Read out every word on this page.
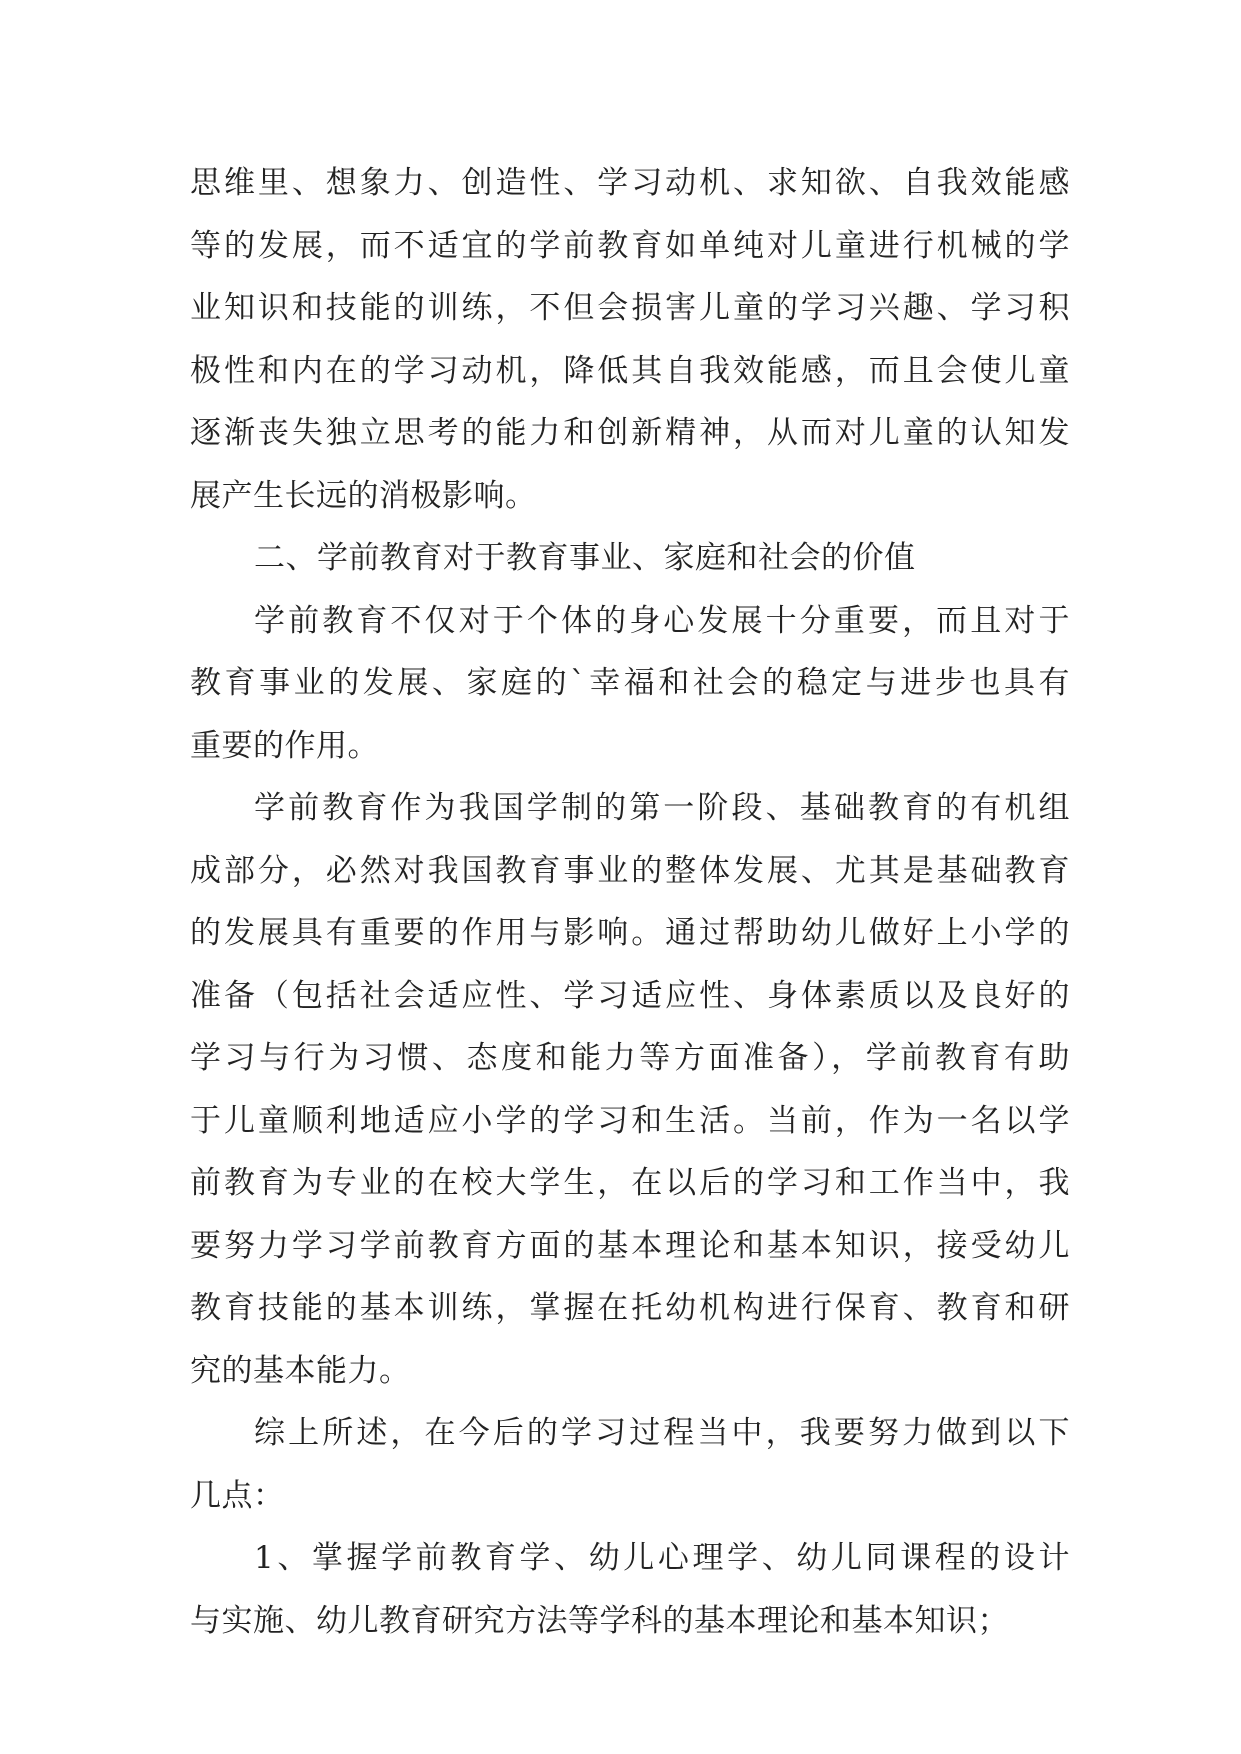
思维里、想象力、创造性、学习动机、求知欲、自我效能感
等的发展，而不适宜的学前教育如单纯对儿童进行机械的学
业知识和技能的训练，不但会损害儿童的学习兴趣、学习积
极性和内在的学习动机，降低其自我效能感，而且会使儿童
逐渐丧失独立思考的能力和创新精神，从而对儿童的认知发
展产生长远的消极影响。
二、学前教育对于教育事业、家庭和社会的价值
学前教育不仅对于个体的身心发展十分重要，而且对于
教育事业的发展、家庭的`幸福和社会的稳定与进步也具有
重要的作用。
学前教育作为我国学制的第一阶段、基础教育的有机组
成部分，必然对我国教育事业的整体发展、尤其是基础教育
的发展具有重要的作用与影响。通过帮助幼儿做好上小学的
准备（包括社会适应性、学习适应性、身体素质以及良好的
学习与行为习惯、态度和能力等方面准备），学前教育有助
于儿童顺利地适应小学的学习和生活。当前，作为一名以学
前教育为专业的在校大学生，在以后的学习和工作当中，我
要努力学习学前教育方面的基本理论和基本知识，接受幼儿
教育技能的基本训练，掌握在托幼机构进行保育、教育和研
究的基本能力。
综上所述，在今后的学习过程当中，我要努力做到以下
几点：
1、掌握学前教育学、幼儿心理学、幼儿同课程的设计
与实施、幼儿教育研究方法等学科的基本理论和基本知识；
